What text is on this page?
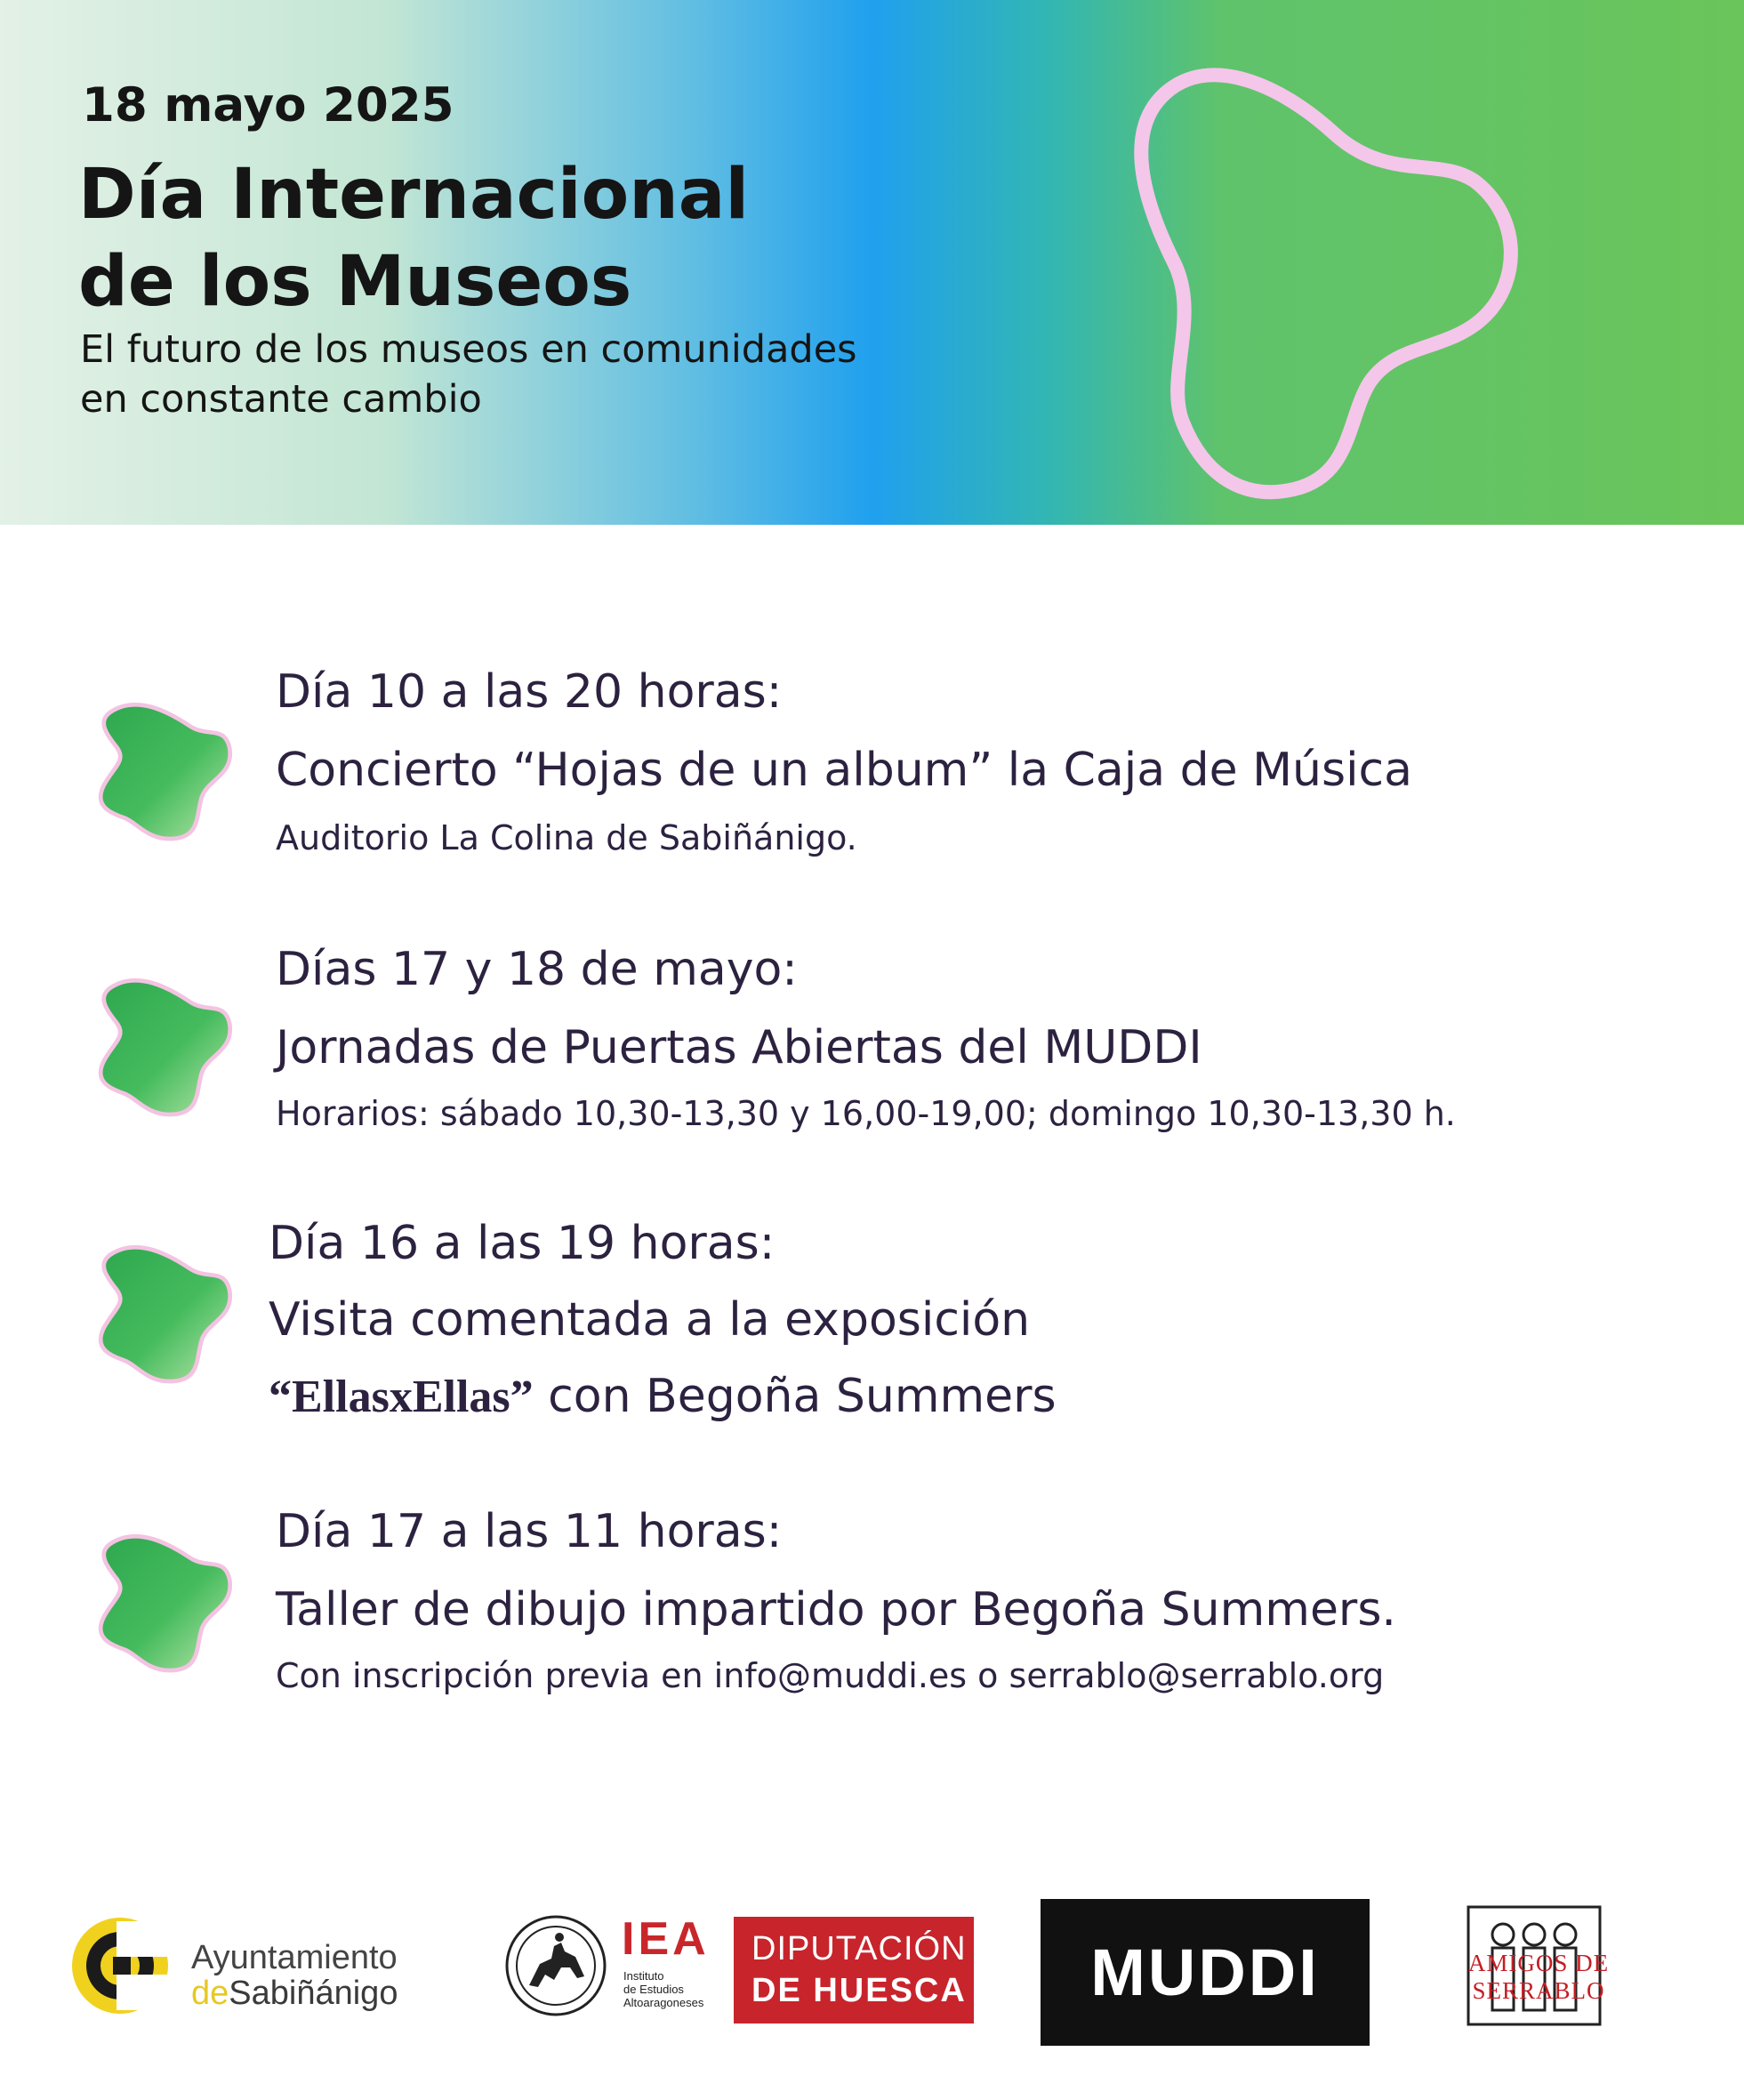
18 mayo 2025
Día Internacional
de los Museos
El futuro de los museos en comunidades
en constante cambio
Día 10 a las 20 horas:
Concierto “Hojas de un album” la Caja de Música
Auditorio La Colina de Sabiñánigo.
Días 17 y 18 de mayo:
Jornadas de Puertas Abiertas del MUDDI
Horarios: sábado 10,30-13,30 y 16,00-19,00; domingo 10,30-13,30 h.
Día 16 a las 19 horas:
Visita comentada a la exposición
“EllasxEllas” con Begoña Summers
Día 17 a las 11 horas:
Taller de dibujo impartido por Begoña Summers.
Con inscripción previa en info@muddi.es o serrablo@serrablo.org
Ayuntamiento
deSabiñánigo
IEA
Instituto
de Estudios
Altoaragoneses
DIPUTACIÓN
DE HUESCA	MUDDI	AMIGOS DE SERRABLO
